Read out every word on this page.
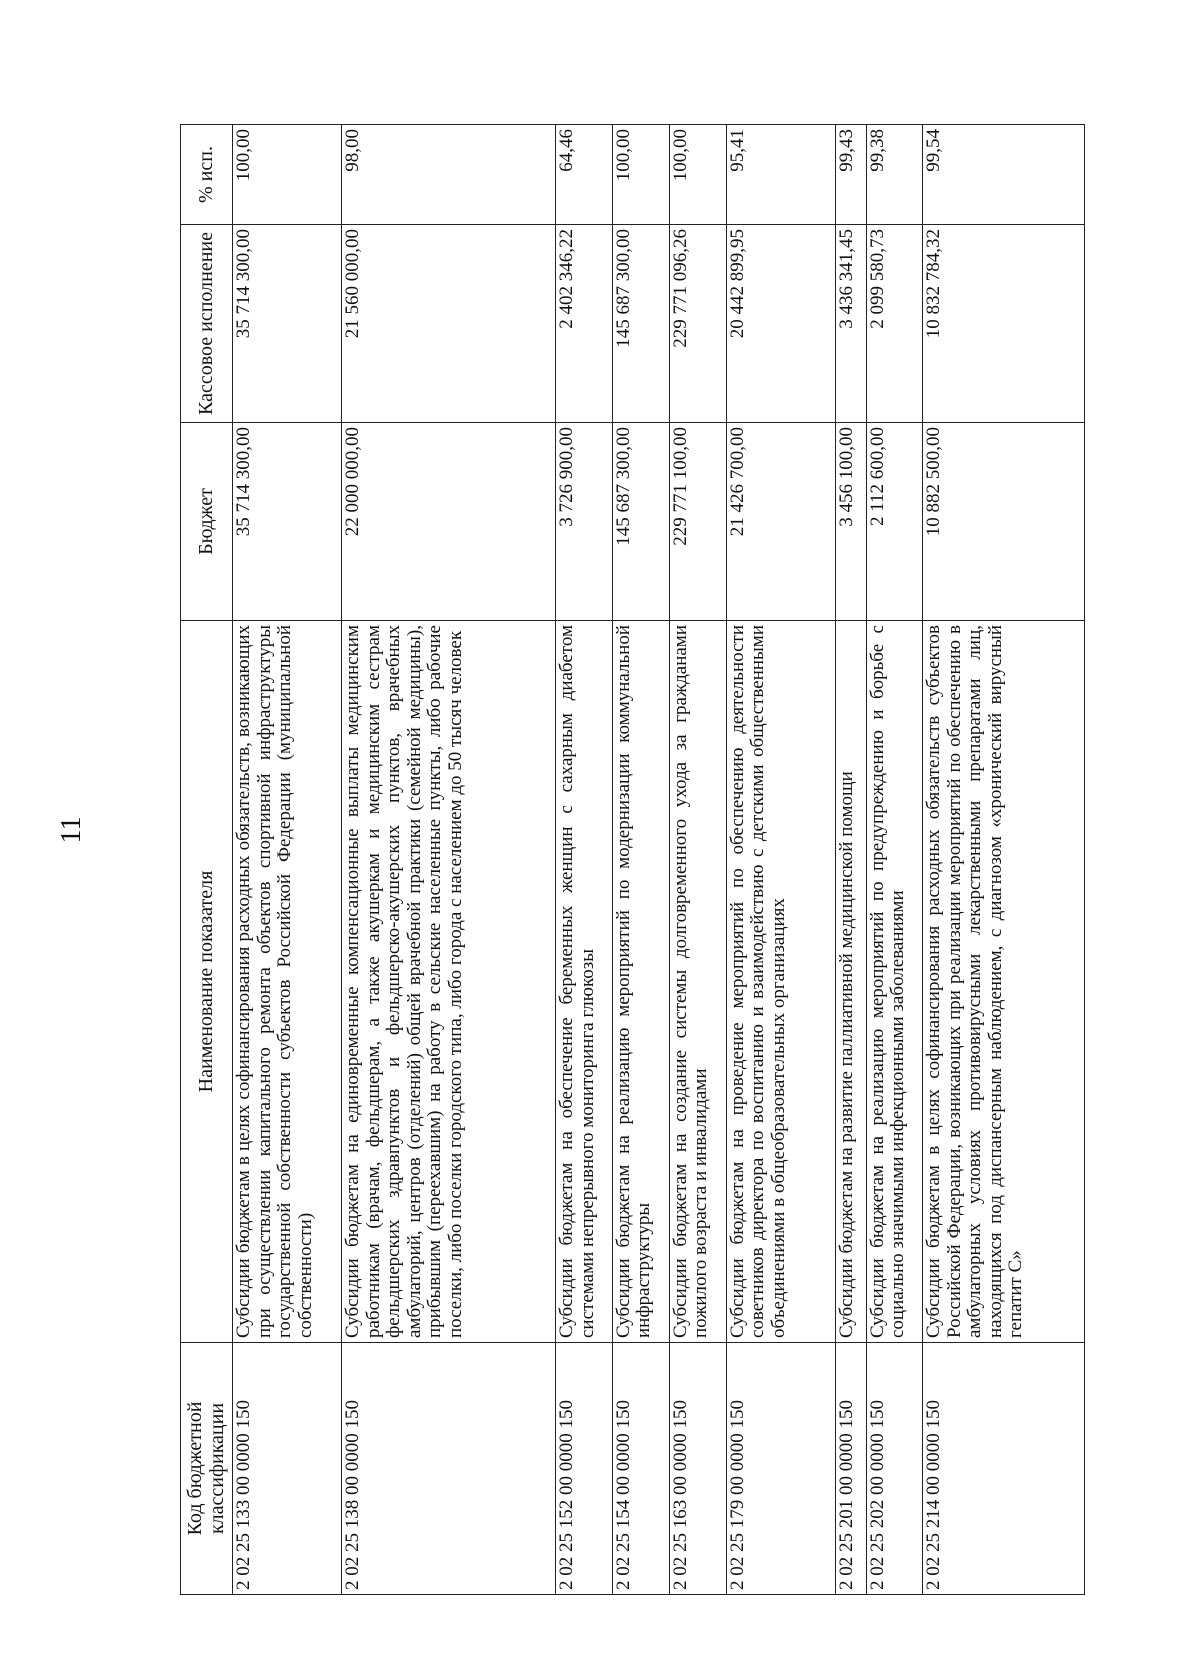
11
Код бюджетной классификации	Наименование показателя	Бюджет	Кассовое исполнение	% исп.
2 02 25 133 00 0000 150	Субсидии бюджетам в целях софинансирования расходных обязательств, возникающих при осуществлении капитального ремонта объектов спортивной инфраструктуры государственной собственности субъектов Российской Федерации (муниципальной собственности)	35 714 300,00	35 714 300,00	100,00
2 02 25 138 00 0000 150	Субсидии бюджетам на единовременные компенсационные выплаты медицинским работникам (врачам, фельдшерам, а также акушеркам и медицинским сестрам фельдшерских здравпунктов и фельдшерско-акушерских пунктов, врачебных амбулаторий, центров (отделений) общей врачебной практики (семейной медицины), прибывшим (переехавшим) на работу в сельские населенные пункты, либо рабочие поселки, либо поселки городского типа, либо города с населением до 50 тысяч человек	22 000 000,00	21 560 000,00	98,00
2 02 25 152 00 0000 150	Субсидии бюджетам на обеспечение беременных женщин с сахарным диабетом системами непрерывного мониторинга глюкозы	3 726 900,00	2 402 346,22	64,46
2 02 25 154 00 0000 150	Субсидии бюджетам на реализацию мероприятий по модернизации коммунальной инфраструктуры	145 687 300,00	145 687 300,00	100,00
2 02 25 163 00 0000 150	Субсидии бюджетам на создание системы долговременного ухода за гражданами пожилого возраста и инвалидами	229 771 100,00	229 771 096,26	100,00
2 02 25 179 00 0000 150	Субсидии бюджетам на проведение мероприятий по обеспечению деятельности советников директора по воспитанию и взаимодействию с детскими общественными объединениями в общеобразовательных организациях	21 426 700,00	20 442 899,95	95,41
2 02 25 201 00 0000 150	Субсидии бюджетам на развитие паллиативной медицинской помощи	3 456 100,00	3 436 341,45	99,43
2 02 25 202 00 0000 150	Субсидии бюджетам на реализацию мероприятий по предупреждению и борьбе с социально значимыми инфекционными заболеваниями	2 112 600,00	2 099 580,73	99,38
2 02 25 214 00 0000 150	Субсидии бюджетам в целях софинансирования расходных обязательств субъектов Российской Федерации, возникающих при реализации мероприятий по обеспечению в амбулаторных условиях противовирусными лекарственными препаратами лиц, находящихся под диспансерным наблюдением, с диагнозом «хронический вирусный гепатит С»	10 882 500,00	10 832 784,32	99,54
